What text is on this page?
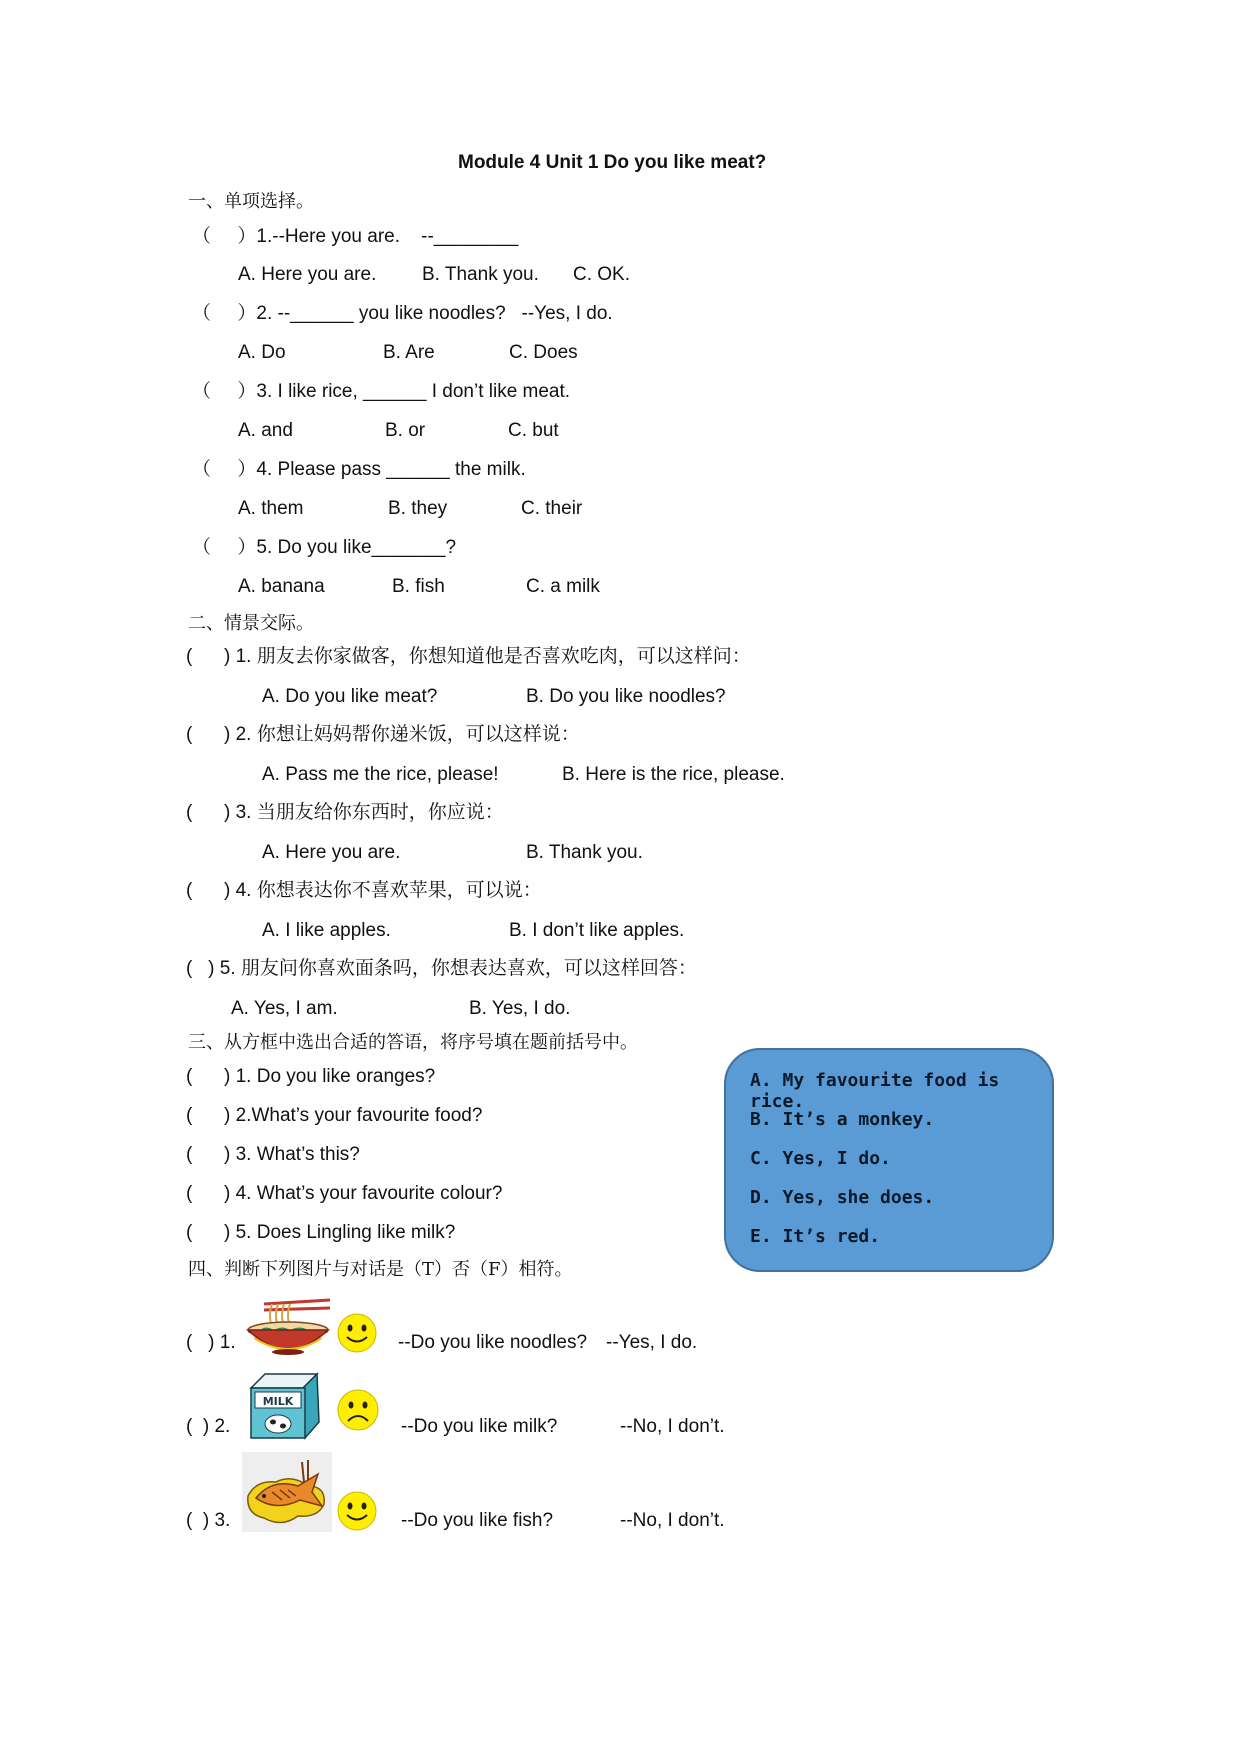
Module 4 Unit 1 Do you like meat?
一、单项选择。
（     ）1.--Here you are.    --________
A. Here you are. B. Thank you. C. OK.
（     ）2. --______ you like noodles?   --Yes, I do.
A. Do	B. Are	C. Does
（     ）3. I like rice, ______ I don’t like meat.
A. and	B. or	C. but
（     ）4. Please pass ______ the milk.
A. them	B. they	C. their
（     ）5. Do you like_______?
A. banana	B. fish	C. a milk
二、情景交际。
(      ) 1. 朋友去你家做客，你想知道他是否喜欢吃肉，可以这样问：
A. Do you like meat?	B. Do you like noodles?
(      ) 2. 你想让妈妈帮你递米饭，可以这样说：
A. Pass me the rice, please!	B. Here is the rice, please.
(      ) 3. 当朋友给你东西时，你应说：
A. Here you are.	B. Thank you.
(      ) 4. 你想表达你不喜欢苹果，可以说：
A. I like apples.	B. I don’t like apples.
(   ) 5. 朋友问你喜欢面条吗，你想表达喜欢，可以这样回答：
A. Yes, I am.	B. Yes, I do.
三、从方框中选出合适的答语，将序号填在题前括号中。
(      ) 1. Do you like oranges?
(      ) 2.What’s your favourite food?
(      ) 3. What’s this?
(      ) 4. What’s your favourite colour?
(      ) 5. Does Lingling like milk?
A. My favourite food is rice.
B. It’s a monkey.
C. Yes, I do.
D. Yes, she does.
E. It’s red.
四、判断下列图片与对话是（T）否（F）相符。
(   ) 1.	--Do you like noodles? --Yes, I do.
(  ) 2.
MILK
--Do you like milk?	--No, I don’t.
(  ) 3.	--Do you like fish?	--No, I don’t.
